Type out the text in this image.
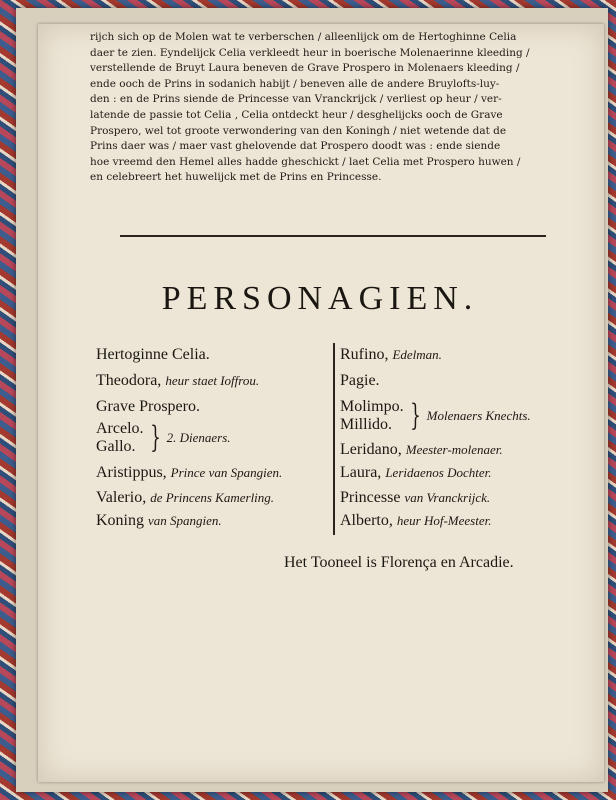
rijch sich op de Molen wat te verberschen / alleenlijck om de Hertoghinne Celia

daer te zien. Eyndelijck Celia verkleedt heur in boerische Molenaerinne kleeding /

verstellende de Bruyt Laura beneven de Grave Prospero in Molenaers kleeding /

ende ooch de Prins in sodanich habijt / beneven alle de andere Bruylofts-luy-

den : en de Prins siende de Princesse van Vranckrijck / verliest op heur / ver-

latende de passie tot Celia , Celia ontdeckt heur / desghelijcks ooch de Grave

Prospero, wel tot groote verwondering van den Koningh / niet wetende dat de

Prins daer was / maer vast ghelovende dat Prospero doodt was : ende siende

hoe vreemd den Hemel alles hadde gheschickt / laet Celia met Prospero huwen /

en celebreert het huwelijck met de Prins en Princesse.

PERSONAGIEN.
Hertoginne Celia.
Theodora, heur staet Ioffrou.
Grave Prospero.
Arcelo.
Gallo. } 2. Dienaers.
Aristippus, Prince van Spangien.
Valerio, de Princens Kamerling.
Koning van Spangien.
Rufino, Edelman.
Pagie.
Molimpo.
Millido. } Molenaers Knechts.
Leridano, Meester-molenaer.
Laura, Leridaenos Dochter.
Princesse van Vranckrijck.
Alberto, heur Hof-Meester.
Het Tooneel is Florença en Arcadie.
